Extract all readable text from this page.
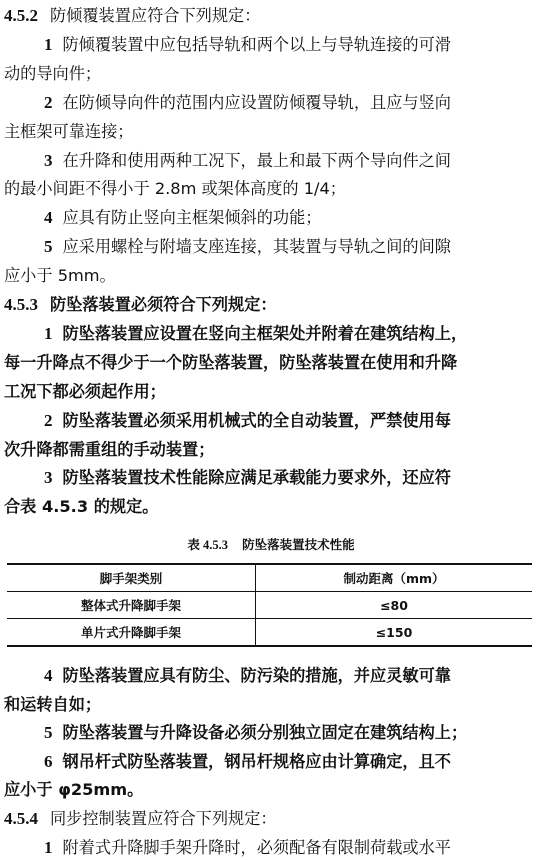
4.5.2 防倾覆装置应符合下列规定：
1 防倾覆装置中应包括导轨和两个以上与导轨连接的可滑
动的导向件；
2 在防倾导向件的范围内应设置防倾覆导轨，且应与竖向
主框架可靠连接；
3 在升降和使用两种工况下，最上和最下两个导向件之间
的最小间距不得小于 2.8m 或架体高度的 1/4；
4 应具有防止竖向主框架倾斜的功能；
5 应采用螺栓与附墙支座连接，其装置与导轨之间的间隙
应小于 5mm。
4.5.3 防坠落装置必须符合下列规定：
1 防坠落装置应设置在竖向主框架处并附着在建筑结构上，
每一升降点不得少于一个防坠落装置，防坠落装置在使用和升降
工况下都必须起作用；
2 防坠落装置必须采用机械式的全自动装置，严禁使用每
次升降都需重组的手动装置；
3 防坠落装置技术性能除应满足承载能力要求外，还应符
合表 4.5.3 的规定。
表 4.5.3 防坠落装置技术性能
脚手架类别	制动距离（mm）
整体式升降脚手架	≤80
单片式升降脚手架	≤150
4 防坠落装置应具有防尘、防污染的措施，并应灵敏可靠
和运转自如；
5 防坠落装置与升降设备必须分别独立固定在建筑结构上；
6 钢吊杆式防坠落装置，钢吊杆规格应由计算确定，且不
应小于 φ25mm。
4.5.4 同步控制装置应符合下列规定：
1 附着式升降脚手架升降时，必须配备有限制荷载或水平
